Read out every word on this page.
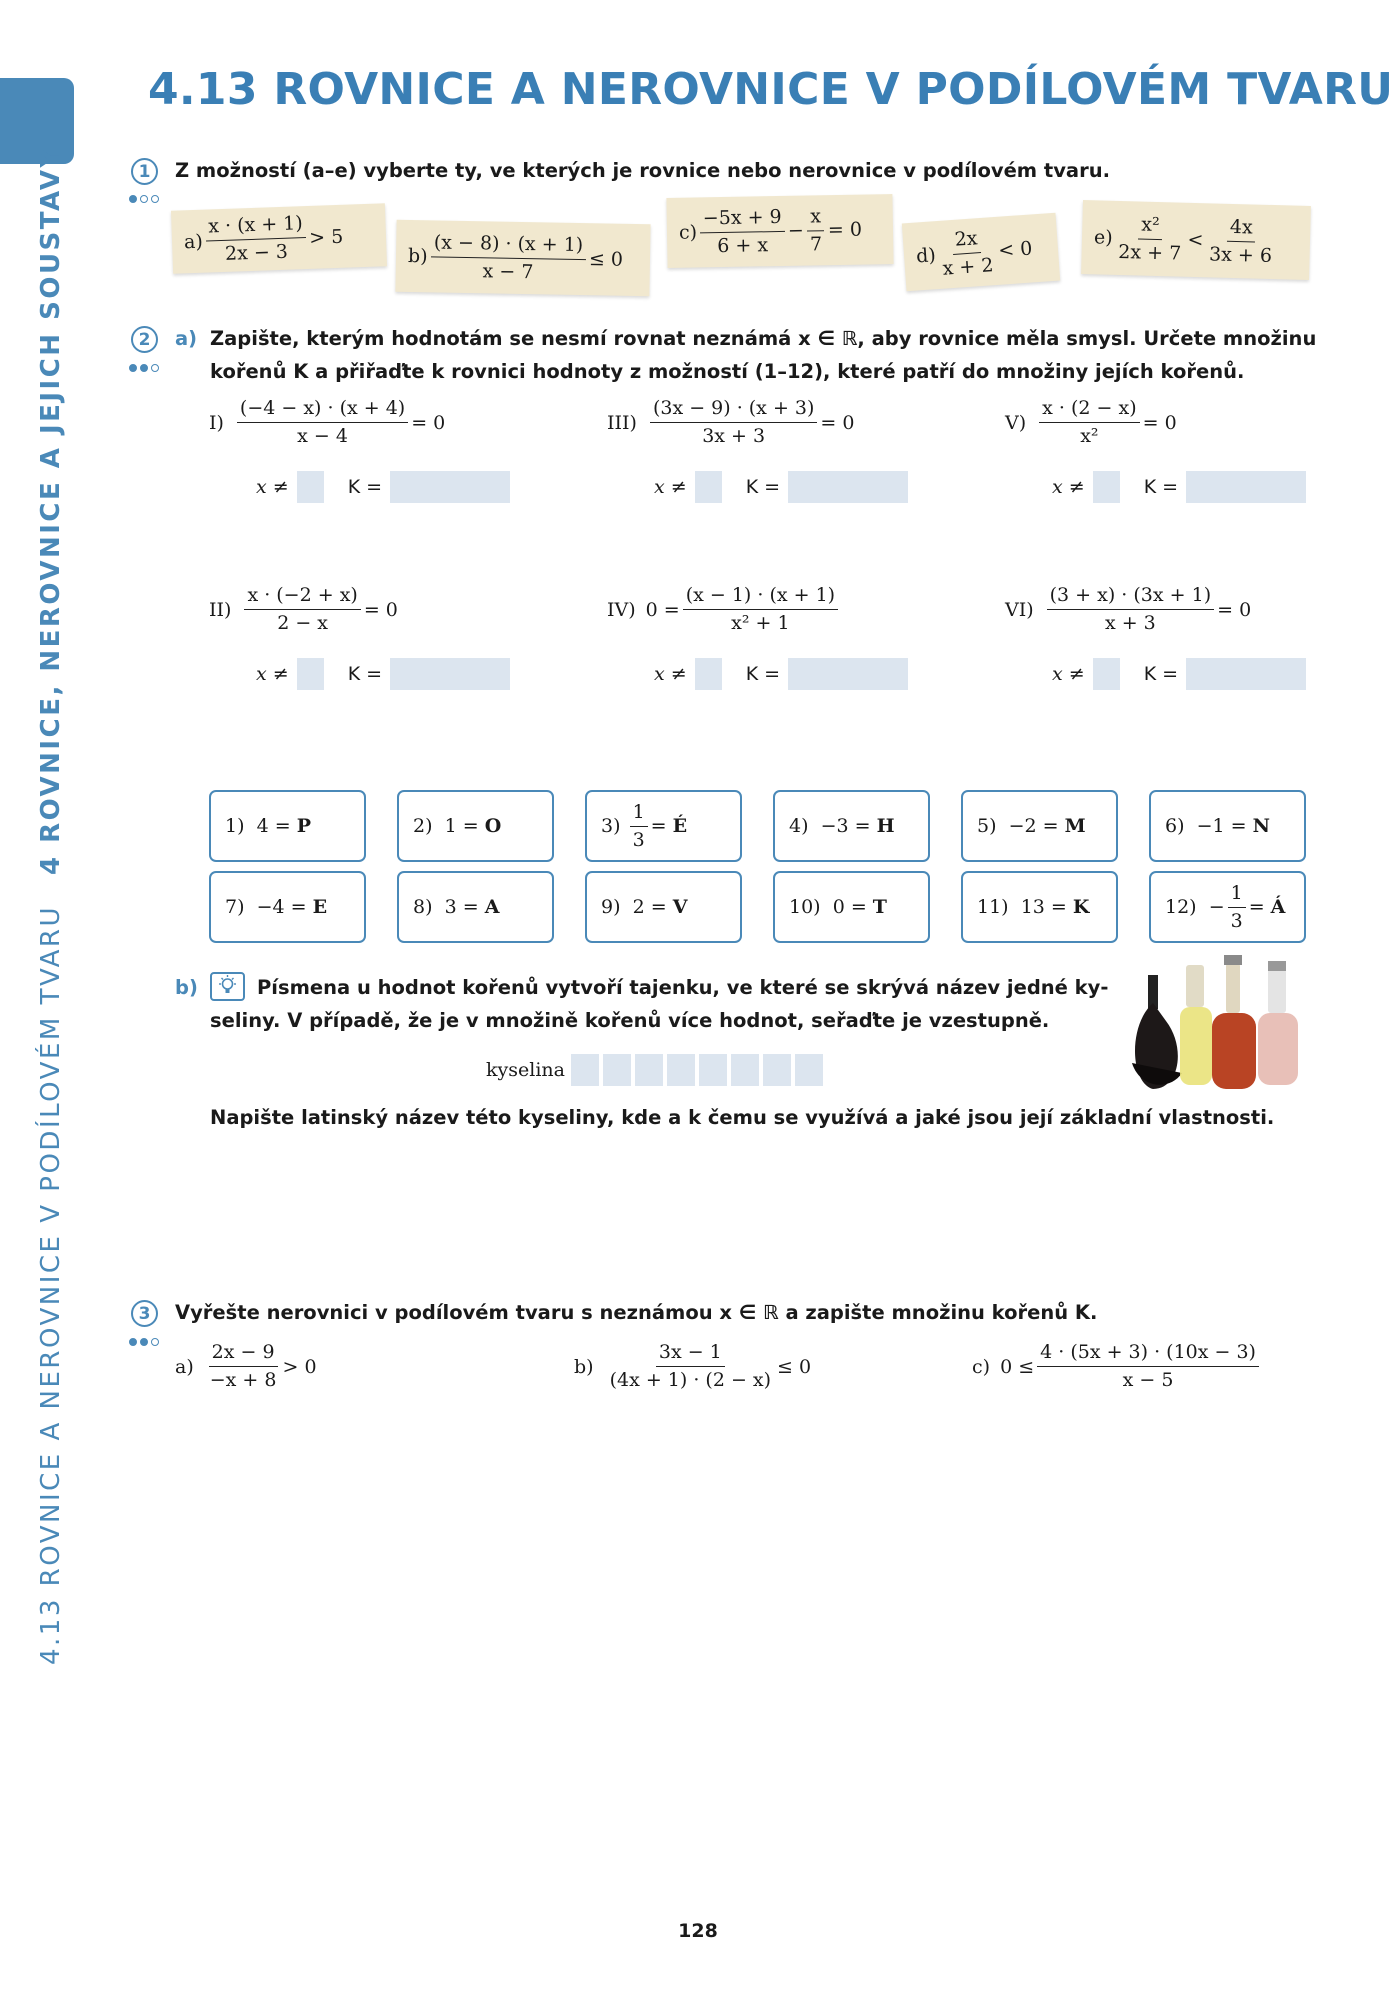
4.13 ROVNICE A NEROVNICE V PODÍLOVÉM TVARU4 ROVNICE, NEROVNICE A JEJICH SOUSTAVY
4.13 ROVNICE A NEROVNICE V PODÍLOVÉM TVARU
1	Z možností (a–e) vyberte ty, ve kterých je rovnice nebo nerovnice v podílovém tvaru.
$a) \frac{x \cdot (x + 1)}{2x - 3} > 5$
$b) \frac{(x - 8) \cdot (x + 1)}{x - 7} \le 0$
$c) \frac{-5x + 9}{6 + x} - \frac{x}{7} = 0$
$d) \frac{2x}{x + 2} < 0$	$e) \frac{\text{x²}}{2x + 7} < \frac{4x}{3x + 6}$
2	a) Zapište, kterým hodnotám se nesmí rovnat neznámá x ∈ ℝ, aby rovnice měla smysl. Určete množinu
kořenů K a přiřaďte k rovnici hodnoty z možností (1–12), které patří do množiny jejích kořenů.
$I) \frac{(-4 - x) \cdot (x + 4)}{x - 4} = 0$	$III) \frac{(3x - 9) \cdot (x + 3)}{3x + 3} = 0$	$V) \frac{x \cdot (2 - x)}{\text{x²}} = 0$
x ≠	K =	x ≠	K =	x ≠	K =
$II) \frac{x \cdot (-2 + x)}{2 - x} = 0$	IV) $0 = \frac{(x - 1) \cdot (x + 1)}{\text{x² + 1}}$	$VI) \frac{(3 + x) \cdot (3x + 1)}{x + 3} = 0$
x ≠	K =	x ≠	K =	x ≠	K =
1)
4 =
P	2)
1 =
O	3)
$\frac{1}{3}$ =
É	4)
−3 =
H	5)
−2 =
M	6)
−1 =
N
7)
−4 =
E	8)
3 =
A	9)
2 =
V	10)
0 =
T	11)
13 =
K	12)
− $\frac{1}{3}$ =
Á
b)	Písmena u hodnot kořenů vytvoří tajenku, ve které se skrývá název jedné ky-
seliny. V případě, že je v množině kořenů více hodnot, seřaďte je vzestupně.
kyselina
Napište latinský název této kyseliny, kde a k čemu se využívá a jaké jsou její základní vlastnosti.
3	Vyřešte nerovnici v podílovém tvaru s neznámou x ∈ ℝ a zapište množinu kořenů K.
$a) \frac{2x - 9}{-x + 8} > 0$	$b) \frac{3x - 1}{(4x + 1) \cdot (2 - x)} \le 0$	c) $0 \le \frac{4 \cdot (5x + 3) \cdot (10x - 3)}{x - 5}$
128
